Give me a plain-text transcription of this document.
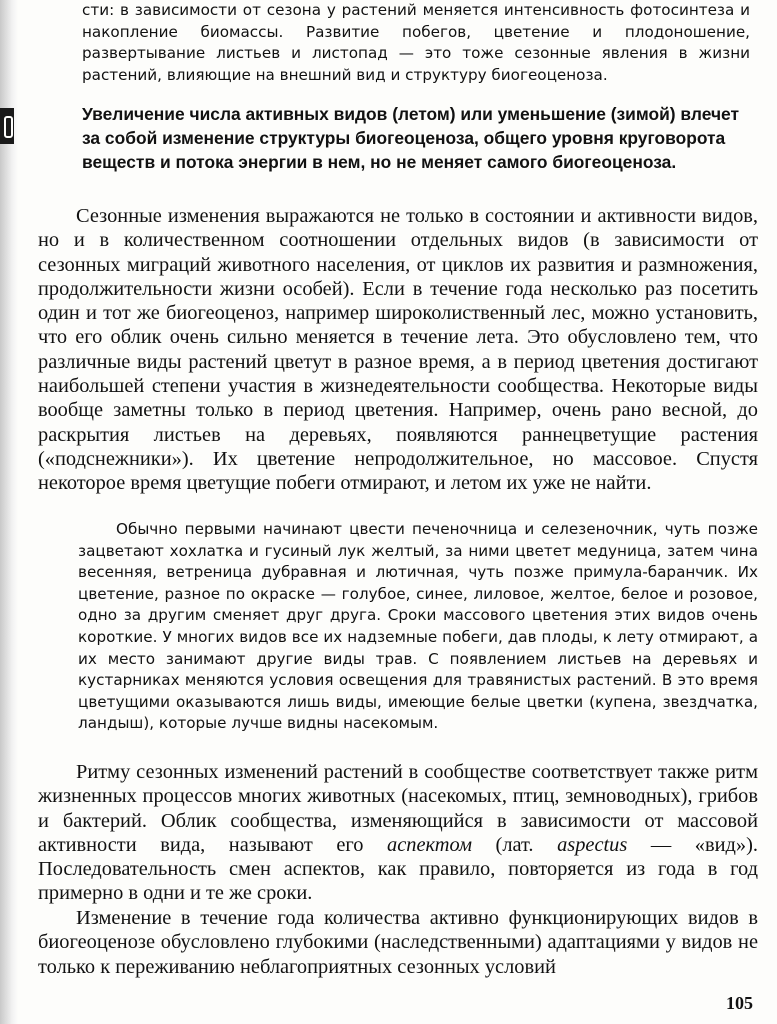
сти: в зависимости от сезона у растений меняется интенсивность фотосинтеза и накопление биомассы. Развитие побегов, цветение и плодоношение, развертывание листьев и листопад — это тоже сезонные явления в жизни растений, влияющие на внешний вид и структуру биогеоценоза.

Увеличение числа активных видов (летом) или уменьшение (зимой) влечет за собой изменение структуры биогеоценоза, общего уровня круговорота веществ и потока энергии в нем, но не меняет самого биогеоценоза.

Сезонные изменения выражаются не только в состоянии и активности видов, но и в количественном соотношении отдельных видов (в зависимости от сезонных миграций животного населения, от циклов их развития и размножения, продолжительности жизни особей). Если в течение года несколько раз посетить один и тот же биогеоценоз, например широколиственный лес, можно установить, что его облик очень сильно меняется в течение лета. Это обусловлено тем, что различные виды растений цветут в разное время, а в период цветения достигают наибольшей степени участия в жизнедеятельности сообщества. Некоторые виды вообще заметны только в период цветения. Например, очень рано весной, до раскрытия листьев на деревьях, появляются раннецветущие растения («подснежники»). Их цветение непродолжительное, но массовое. Спустя некоторое время цветущие побеги отмирают, и летом их уже не найти.

Обычно первыми начинают цвести печеночница и селезеночник, чуть позже зацветают хохлатка и гусиный лук желтый, за ними цветет медуница, затем чина весенняя, ветреница дубравная и лютичная, чуть позже примула-баранчик. Их цветение, разное по окраске — голубое, синее, лиловое, желтое, белое и розовое, одно за другим сменяет друг друга. Сроки массового цветения этих видов очень короткие. У многих видов все их надземные побеги, дав плоды, к лету отмирают, а их место занимают другие виды трав. С появлением листьев на деревьях и кустарниках меняются условия освещения для травянистых растений. В это время цветущими оказываются лишь виды, имеющие белые цветки (купена, звездчатка, ландыш), которые лучше видны насекомым.

Ритму сезонных изменений растений в сообществе соответствует также ритм жизненных процессов многих животных (насекомых, птиц, земноводных), грибов и бактерий. Облик сообщества, изменяющийся в зависимости от массовой активности вида, называют его аспектом (лат. aspectus — «вид»). Последовательность смен аспектов, как правило, повторяется из года в год примерно в одни и те же сроки.

Изменение в течение года количества активно функционирующих видов в биогеоценозе обусловлено глубокими (наследственными) адаптациями у видов не только к переживанию неблагоприятных сезонных условий

105
